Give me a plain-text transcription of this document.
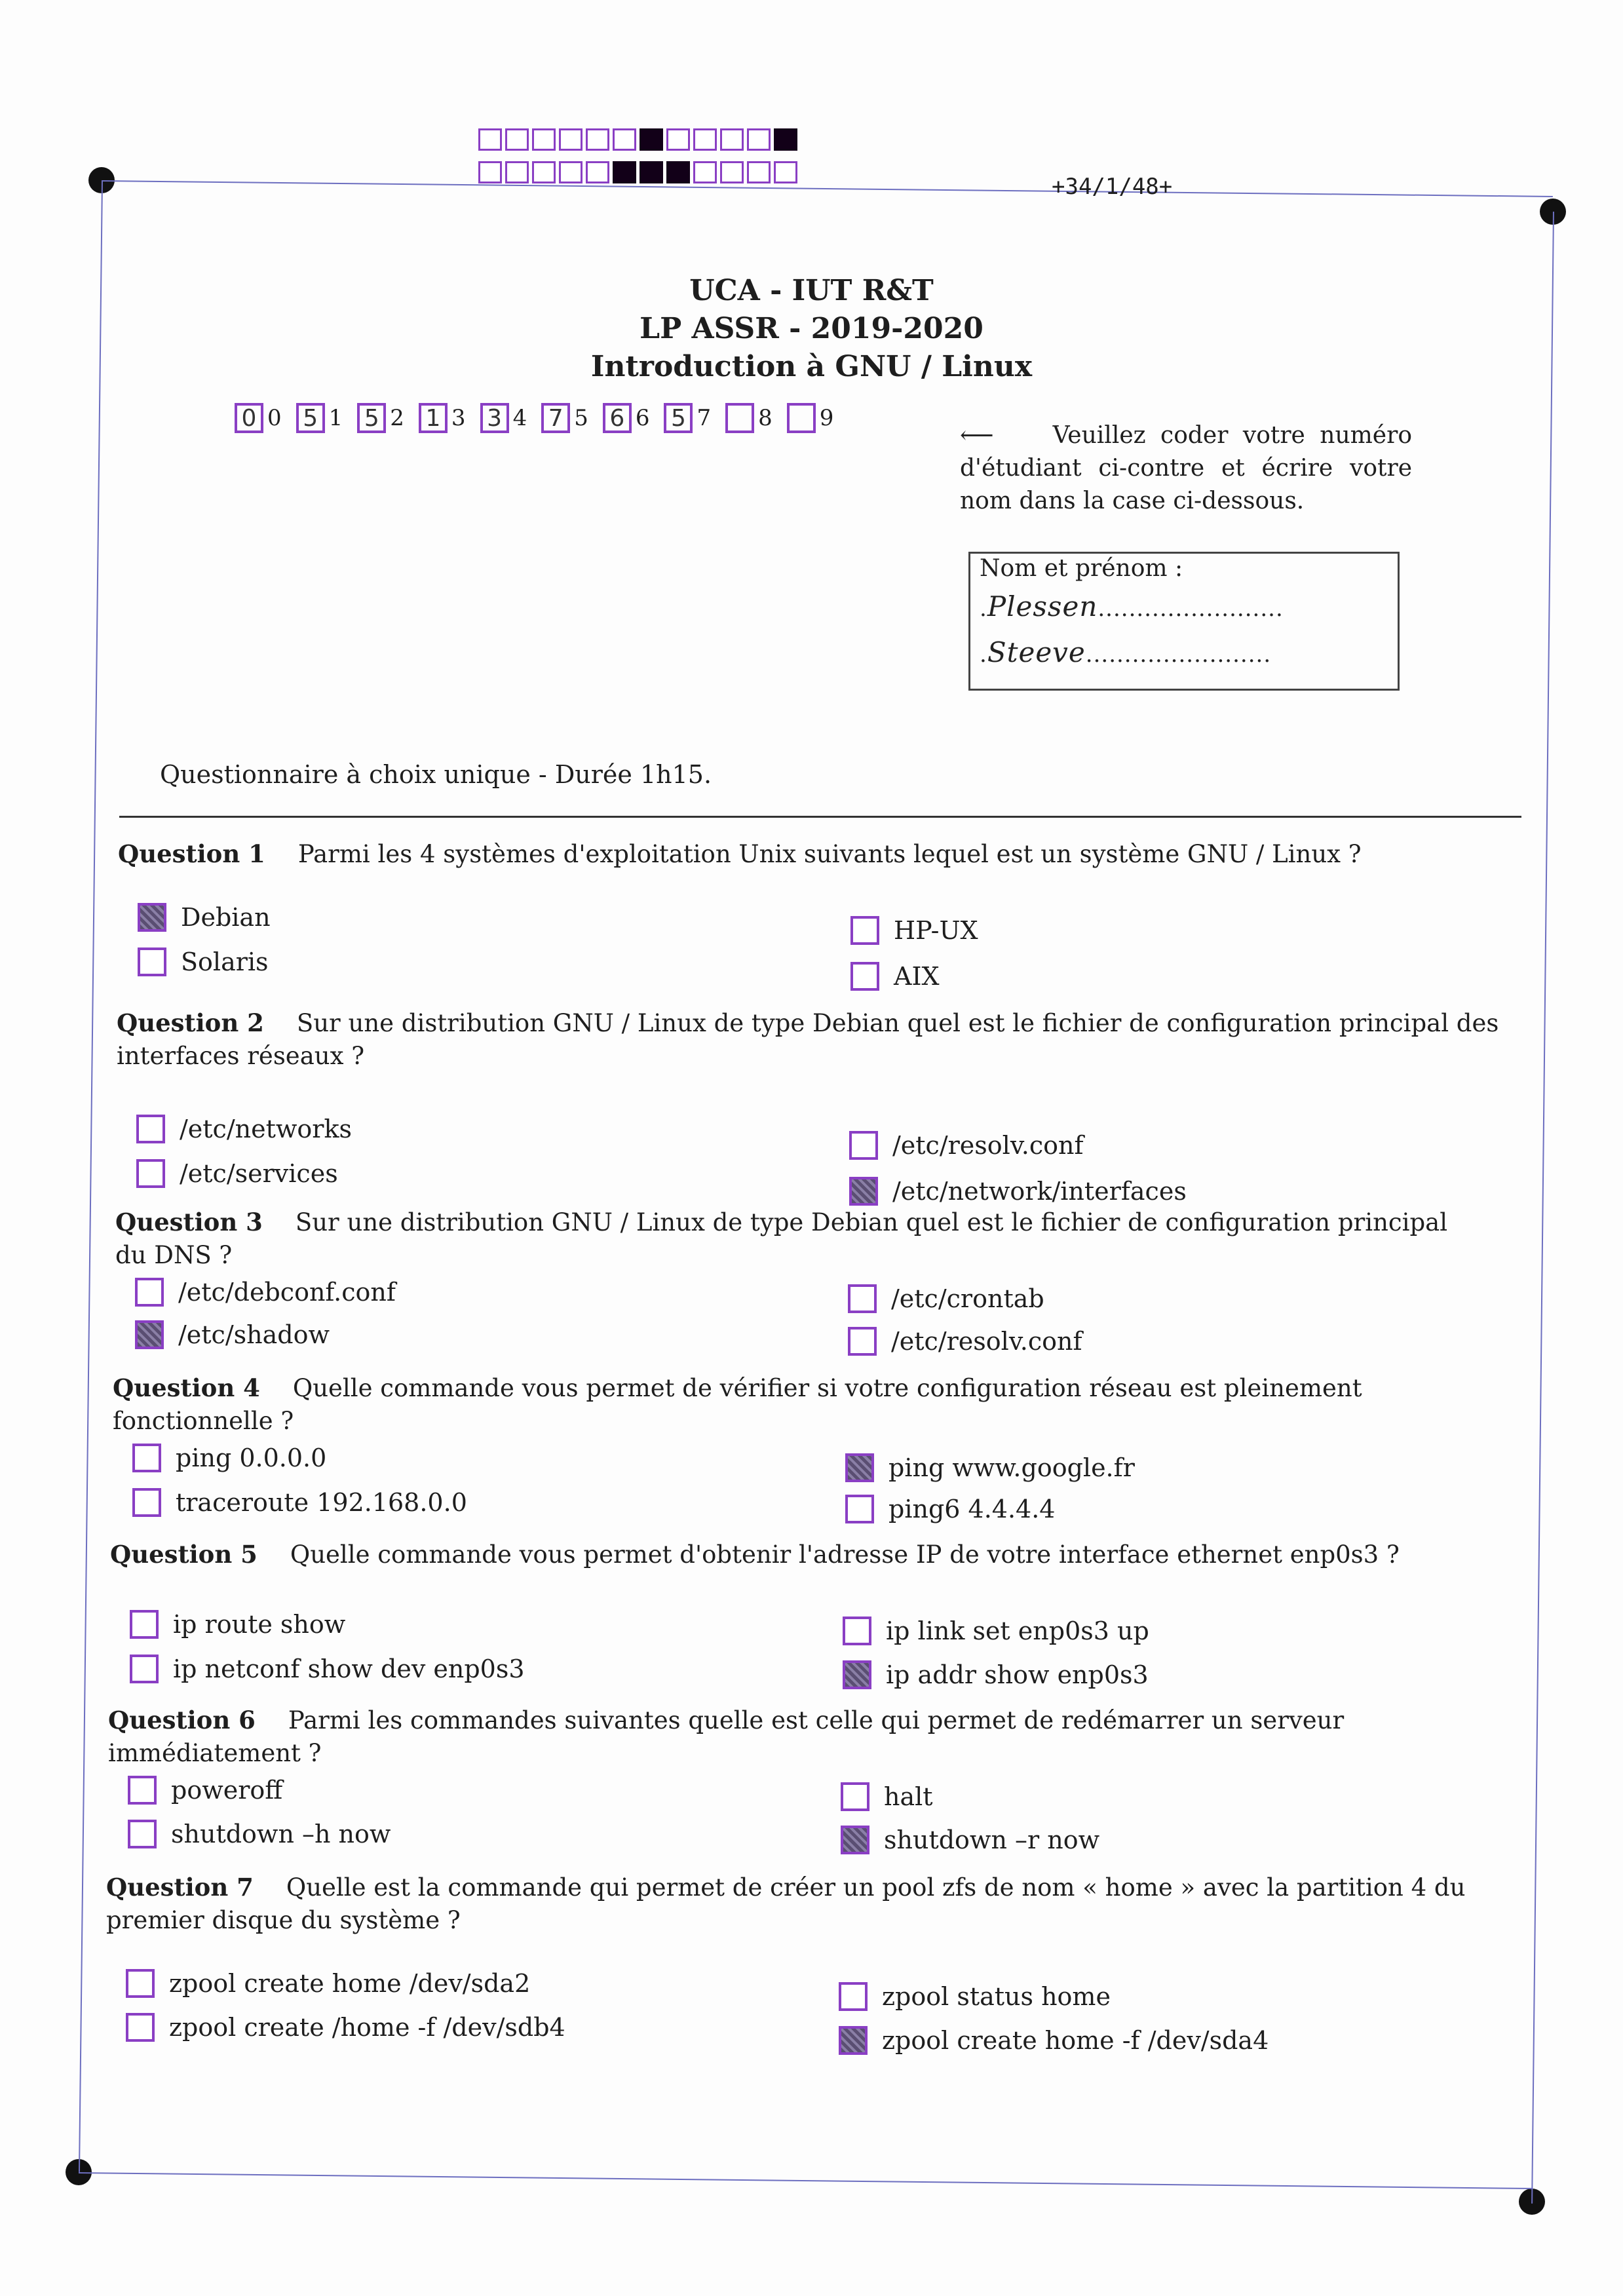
+34/1/48+
UCA - IUT R&T
LP ASSR - 2019-2020
Introduction à GNU / Linux
0 0 5 1 5 2 1 3 3 4 7 5 6 6 5 7 8 9
⟵	Veuillez coder votre numéro d'étudiant ci-contre et écrire votre nom dans la case ci-dessous.
Nom et prénom :
.Plessen........................
.Steeve........................
Questionnaire à choix unique - Durée 1h15.
Question 1 Parmi les 4 systèmes d'exploitation Unix suivants lequel est un système GNU / Linux ?
Debian
Solaris
HP-UX
AIX
Question 2 Sur une distribution GNU / Linux de type Debian quel est le fichier de configuration principal des interfaces réseaux ?
/etc/networks
/etc/services
/etc/resolv.conf
/etc/network/interfaces
Question 3 Sur une distribution GNU / Linux de type Debian quel est le fichier de configuration principal du DNS ?
/etc/debconf.conf
/etc/shadow
/etc/crontab
/etc/resolv.conf
Question 4 Quelle commande vous permet de vérifier si votre configuration réseau est pleinement fonctionnelle ?
ping 0.0.0.0
traceroute 192.168.0.0
ping www.google.fr
ping6 4.4.4.4
Question 5 Quelle commande vous permet d'obtenir l'adresse IP de votre interface ethernet enp0s3 ?
ip route show
ip netconf show dev enp0s3
ip link set enp0s3 up
ip addr show enp0s3
Question 6 Parmi les commandes suivantes quelle est celle qui permet de redémarrer un serveur immédiatement ?
poweroff
shutdown –h now
halt
shutdown –r now
Question 7 Quelle est la commande qui permet de créer un pool zfs de nom « home » avec la partition 4 du premier disque du système ?
zpool create home /dev/sda2
zpool create /home -f /dev/sdb4
zpool status home
zpool create home -f /dev/sda4
